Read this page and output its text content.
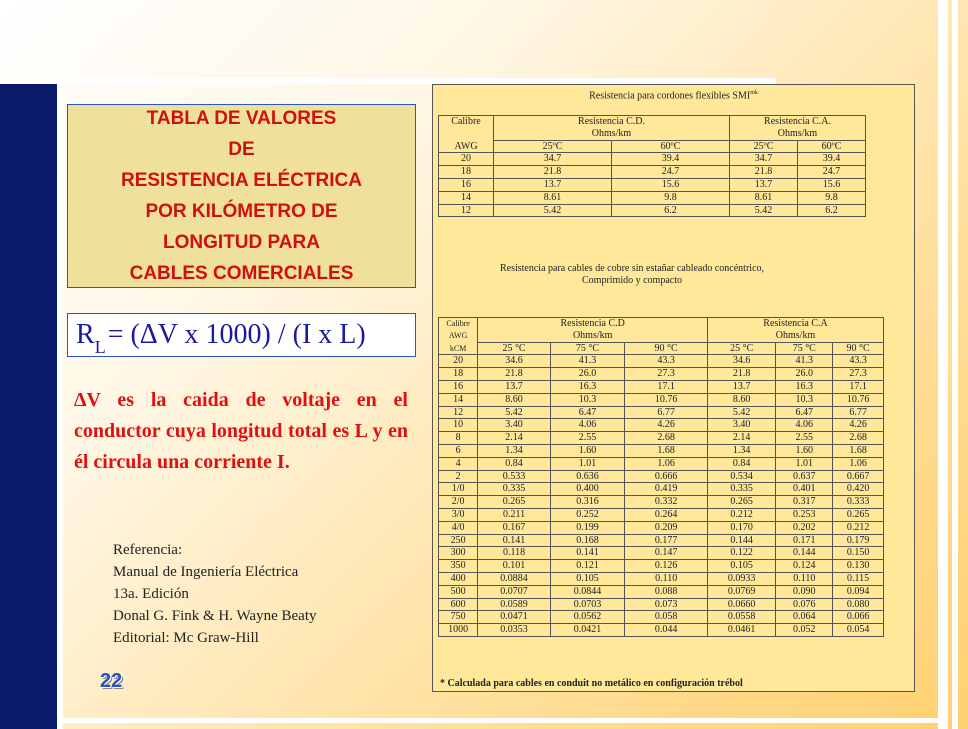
TABLA DE VALORES
DE
RESISTENCIA ELÉCTRICA
POR KILÓMETRO DE
LONGITUD PARA
CABLES COMERCIALES
R L = (ΔV x 1000) / (I x L)
ΔV es la caida de voltaje en el conductor cuya longitud total es L y en él circula una corriente I.
Referencia:
Manual de Ingeniería Eléctrica
13a. Edición
Donal G. Fink & H. Wayne Beaty
Editorial: Mc Graw-Hill
22
Resistencia para cordones flexibles $SMI^{mk}$
Calibre	Resistencia C.D.		Resistencia C.A.	
	Ohms/km		Ohms/km	
AWG	25ºC	60ºC	25ºC	60ºC
20	34.7	39.4	34.7	39.4
18	21.8	24.7	21.8	24.7
16	13.7	15.6	13.7	15.6
14	8.61	9.8	8.61	9.8
12	5.42	6.2	5.42	6.2
Resistencia para cables de cobre sin estañar cableado concéntrico,
Comprimido y compacto
Calibre	Resistencia C.D			Resistencia C.A		
AWG	Ohms/km			Ohms/km		
kCM	25 °C	75 °C	90 °C	25 °C	75 °C	90 °C
20	34.6	41.3	43.3	34.6	41.3	43.3
18	21.8	26.0	27.3	21.8	26.0	27.3
16	13.7	16.3	17.1	13.7	16.3	17.1
14	8.60	10.3	10.76	8.60	10.3	10.76
12	5.42	6.47	6.77	5.42	6.47	6.77
10	3.40	4.06	4.26	3.40	4.06	4.26
8	2.14	2.55	2.68	2.14	2.55	2.68
6	1.34	1.60	1.68	1.34	1.60	1.68
4	0.84	1.01	1.06	0.84	1.01	1.06
2	0.533	0.636	0.666	0.534	0.637	0.667
1/0	0.335	0.400	0.419	0.335	0.401	0.420
2/0	0.265	0.316	0.332	0.265	0.317	0.333
3/0	0.211	0.252	0.264	0.212	0.253	0.265
4/0	0.167	0.199	0.209	0.170	0.202	0.212
250	0.141	0.168	0.177	0.144	0.171	0.179
300	0.118	0.141	0.147	0.122	0.144	0.150
350	0.101	0.121	0.126	0.105	0.124	0.130
400	0.0884	0.105	0.110	0.0933	0.110	0.115
500	0.0707	0.0844	0.088	0.0769	0.090	0.094
600	0.0589	0.0703	0.073	0.0660	0.076	0.080
750	0.0471	0.0562	0.058	0.0558	0.064	0.066
1000	0.0353	0.0421	0.044	0.0461	0.052	0.054
* Calculada para cables en conduit no metálico en configuración trébol
